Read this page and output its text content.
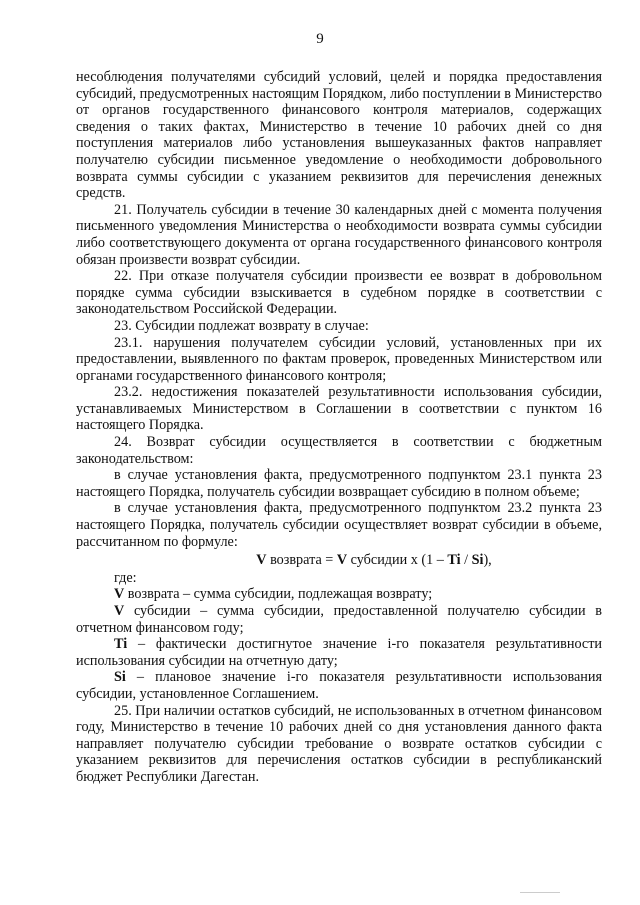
9

несоблюдения получателями субсидий условий, целей и порядка предоставления субсидий, предусмотренных настоящим Порядком, либо поступлении в Министерство от органов государственного финансового контроля материалов, содержащих сведения о таких фактах, Министерство в течение 10 рабочих дней со дня поступления материалов либо установления вышеуказанных фактов направляет получателю субсидии письменное уведомление о необходимости добровольного возврата суммы субсидии с указанием реквизитов для перечисления денежных средств.

21. Получатель субсидии в течение 30 календарных дней с момента получения письменного уведомления Министерства о необходимости возврата суммы субсидии либо соответствующего документа от органа государственного финансового контроля обязан произвести возврат субсидии.

22. При отказе получателя субсидии произвести ее возврат в добровольном порядке сумма субсидии взыскивается в судебном порядке в соответствии с законодательством Российской Федерации.

23. Субсидии подлежат возврату в случае:

23.1. нарушения получателем субсидии условий, установленных при их предоставлении, выявленного по фактам проверок, проведенных Министерством или органами государственного финансового контроля;

23.2. недостижения показателей результативности использования субсидии, устанавливаемых Министерством в Соглашении в соответствии с пунктом 16 настоящего Порядка.

24. Возврат субсидии осуществляется в соответствии с бюджетным законодательством:

в случае установления факта, предусмотренного подпунктом 23.1 пункта 23 настоящего Порядка, получатель субсидии возвращает субсидию в полном объеме;

в случае установления факта, предусмотренного подпунктом 23.2 пункта 23 настоящего Порядка, получатель субсидии осуществляет возврат субсидии в объеме, рассчитанном по формуле:

V возврата = V субсидии x (1 – Ti / Si),

где:

V возврата – сумма субсидии, подлежащая возврату;

V субсидии – сумма субсидии, предоставленной получателю субсидии в отчетном финансовом году;

Ti – фактически достигнутое значение i-го показателя результативности использования субсидии на отчетную дату;

Si – плановое значение i-го показателя результативности использования субсидии, установленное Соглашением.

25. При наличии остатков субсидий, не использованных в отчетном финансовом году, Министерство в течение 10 рабочих дней со дня установления данного факта направляет получателю субсидии требование о возврате остатков субсидии с указанием реквизитов для перечисления остатков субсидии в республиканский бюджет Республики Дагестан.
